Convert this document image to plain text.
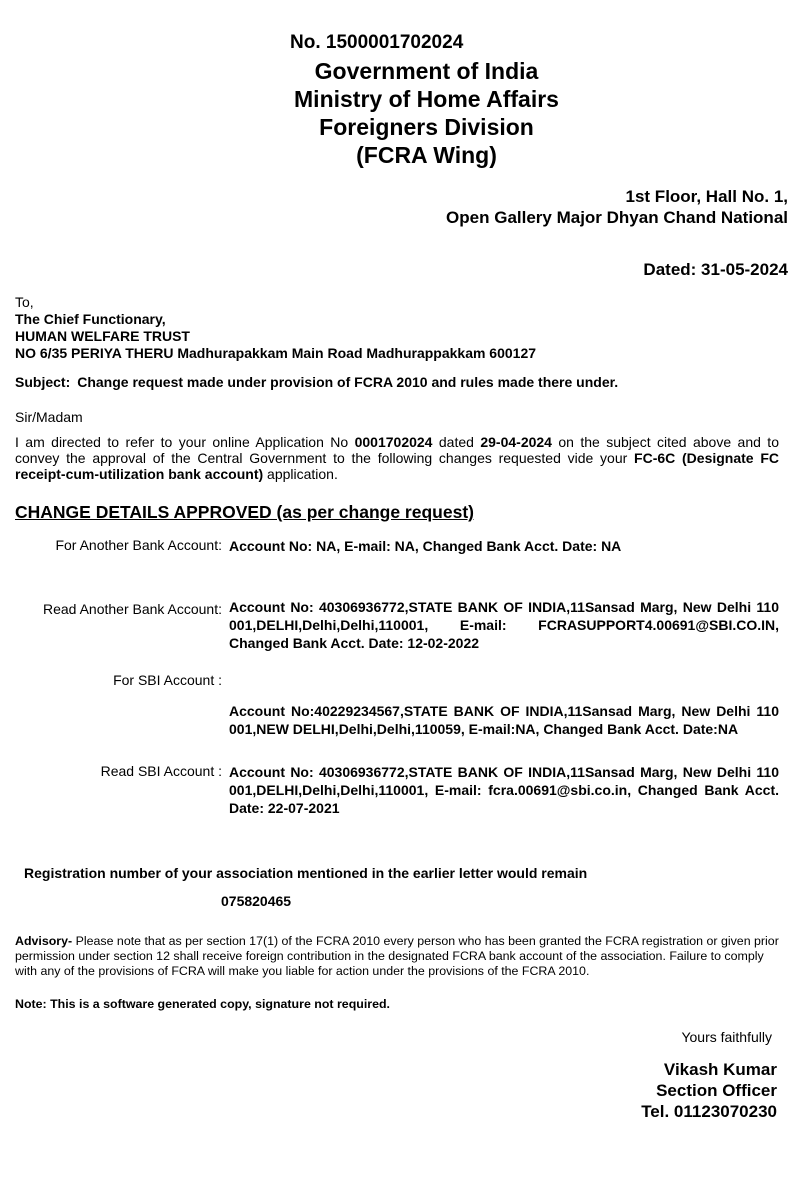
No. 1500001702024
Government of India
Ministry of Home Affairs
Foreigners Division
(FCRA Wing)
1st Floor, Hall No. 1,
Open Gallery Major Dhyan Chand National
Dated: 31-05-2024
To,
The Chief Functionary,
HUMAN WELFARE TRUST
NO 6/35 PERIYA THERU Madhurapakkam Main Road Madhurappakkam 600127
Subject: Change request made under provision of FCRA 2010 and rules made there under.
Sir/Madam
I am directed to refer to your online Application No 0001702024 dated 29-04-2024 on the subject cited above and to convey the approval of the Central Government to the following changes requested vide your FC-6C (Designate FC receipt-cum-utilization bank account) application.
CHANGE DETAILS APPROVED (as per change request)
For Another Bank Account: Account No: NA, E-mail: NA, Changed Bank Acct. Date: NA
Read Another Bank Account: Account No: 40306936772,STATE BANK OF INDIA,11Sansad Marg, New Delhi 110 001,DELHI,Delhi,Delhi,110001, E-mail: FCRASUPPORT4.00691@SBI.CO.IN, Changed Bank Acct. Date: 12-02-2022
For SBI Account :
Account No:40229234567,STATE BANK OF INDIA,11Sansad Marg, New Delhi 110 001,NEW DELHI,Delhi,Delhi,110059, E-mail:NA, Changed Bank Acct. Date:NA
Read SBI Account : Account No: 40306936772,STATE BANK OF INDIA,11Sansad Marg, New Delhi 110 001,DELHI,Delhi,Delhi,110001, E-mail: fcra.00691@sbi.co.in, Changed Bank Acct. Date: 22-07-2021
Registration number of your association mentioned in the earlier letter would remain
075820465
Advisory- Please note that as per section 17(1) of the FCRA 2010 every person who has been granted the FCRA registration or given prior permission under section 12 shall receive foreign contribution in the designated FCRA bank account of the association. Failure to comply with any of the provisions of FCRA will make you liable for action under the provisions of the FCRA 2010.
Note: This is a software generated copy, signature not required.
Yours faithfully
Vikash Kumar
Section Officer
Tel. 01123070230
